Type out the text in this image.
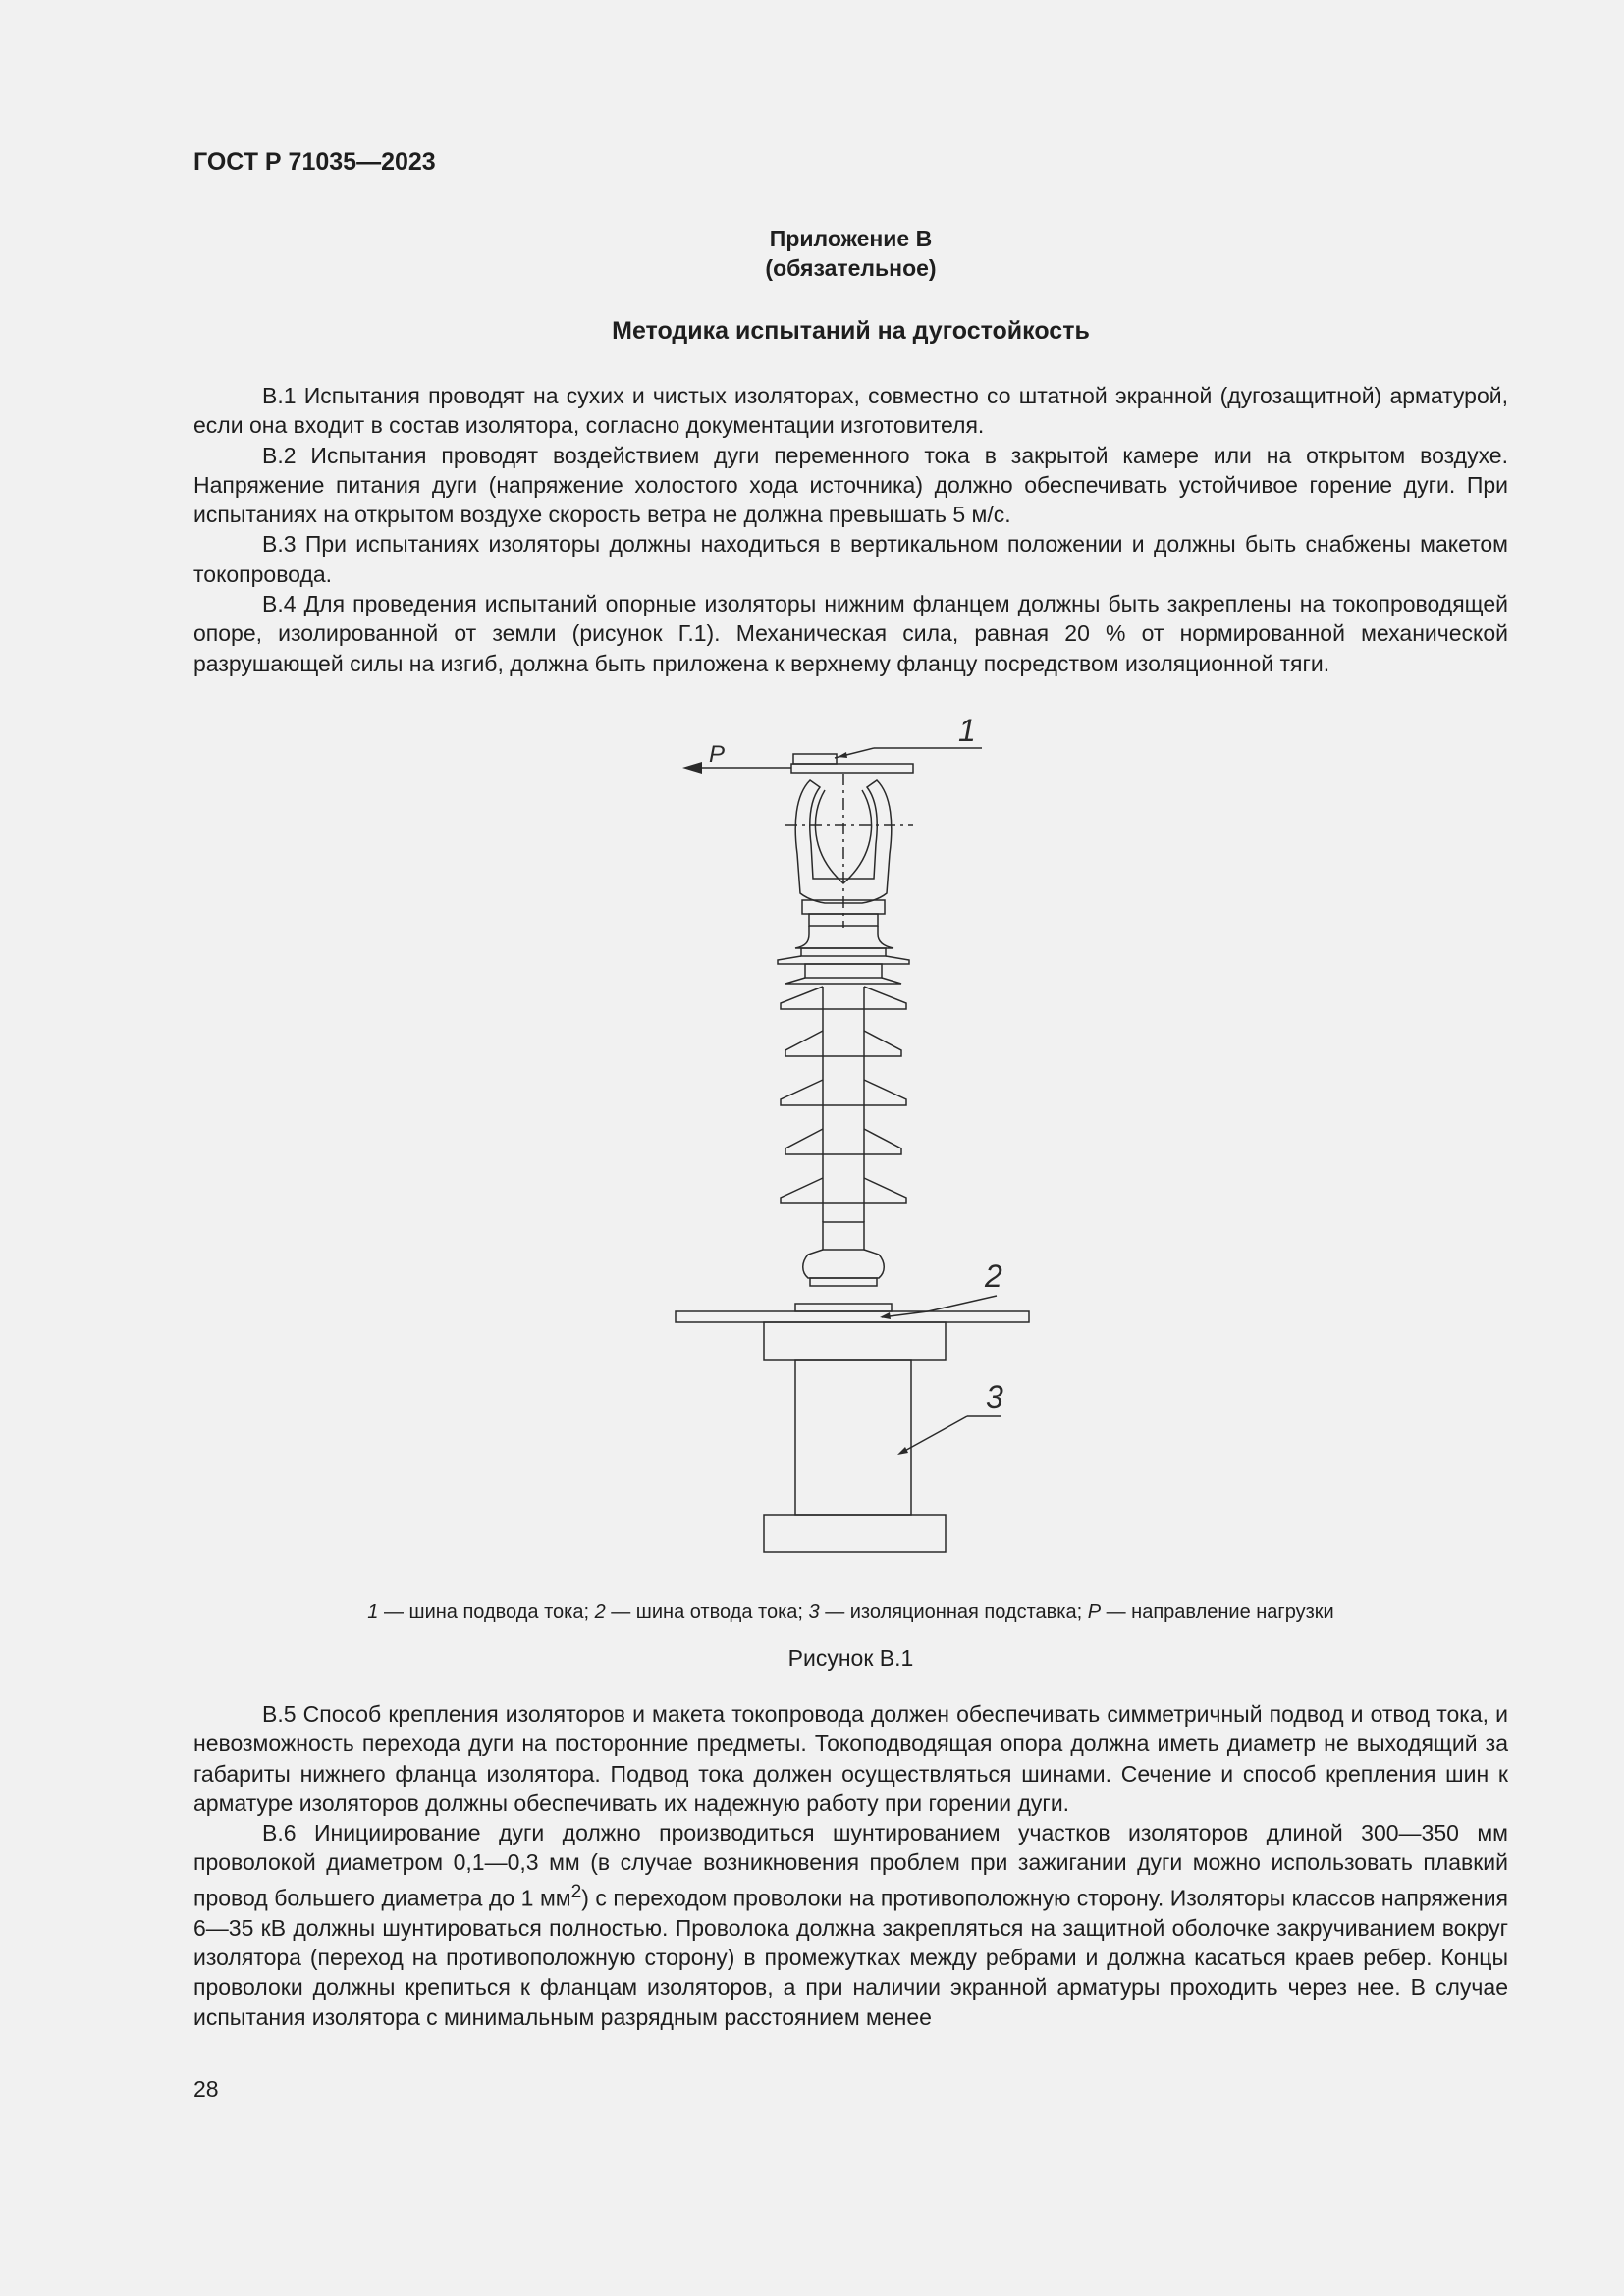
ГОСТ Р 71035—2023
Приложение В
(обязательное)
Методика испытаний на дугостойкость

В.1 Испытания проводят на сухих и чистых изоляторах, совместно со штатной экранной (дугозащитной) арматурой, если она входит в состав изолятора, согласно документации изготовителя.

В.2 Испытания проводят воздействием дуги переменного тока в закрытой камере или на открытом воздухе. Напряжение питания дуги (напряжение холостого хода источника) должно обеспечивать устойчивое горение дуги. При испытаниях на открытом воздухе скорость ветра не должна превышать 5 м/с.

В.3 При испытаниях изоляторы должны находиться в вертикальном положении и должны быть снабжены макетом токопровода.

В.4 Для проведения испытаний опорные изоляторы нижним фланцем должны быть закреплены на токопроводящей опоре, изолированной от земли (рисунок Г.1). Механическая сила, равная 20 % от нормированной механической разрушающей силы на изгиб, должна быть приложена к верхнему фланцу посредством изоляционной тяги.

1
2
3
P
1 — шина подвода тока; 2 — шина отвода тока; 3 — изоляционная подставка; P — направление нагрузки
Рисунок В.1

В.5 Способ крепления изоляторов и макета токопровода должен обеспечивать симметричный подвод и отвод тока, и невозможность перехода дуги на посторонние предметы. Токоподводящая опора должна иметь диаметр не выходящий за габариты нижнего фланца изолятора. Подвод тока должен осуществляться шинами. Сечение и способ крепления шин к арматуре изоляторов должны обеспечивать их надежную работу при горении дуги.

В.6 Инициирование дуги должно производиться шунтированием участков изоляторов длиной 300—350 мм проволокой диаметром 0,1—0,3 мм (в случае возникновения проблем при зажигании дуги можно использовать плавкий провод большего диаметра до 1 $мм^2$) с переходом проволоки на противоположную сторону. Изоляторы классов напряжения 6—35 кВ должны шунтироваться полностью. Проволока должна закрепляться на защитной оболочке закручиванием вокруг изолятора (переход на противоположную сторону) в промежутках между ребрами и должна касаться краев ребер. Концы проволоки должны крепиться к фланцам изоляторов, а при наличии экранной арматуры проходить через нее. В случае испытания изолятора с минимальным разрядным расстоянием менее

28
